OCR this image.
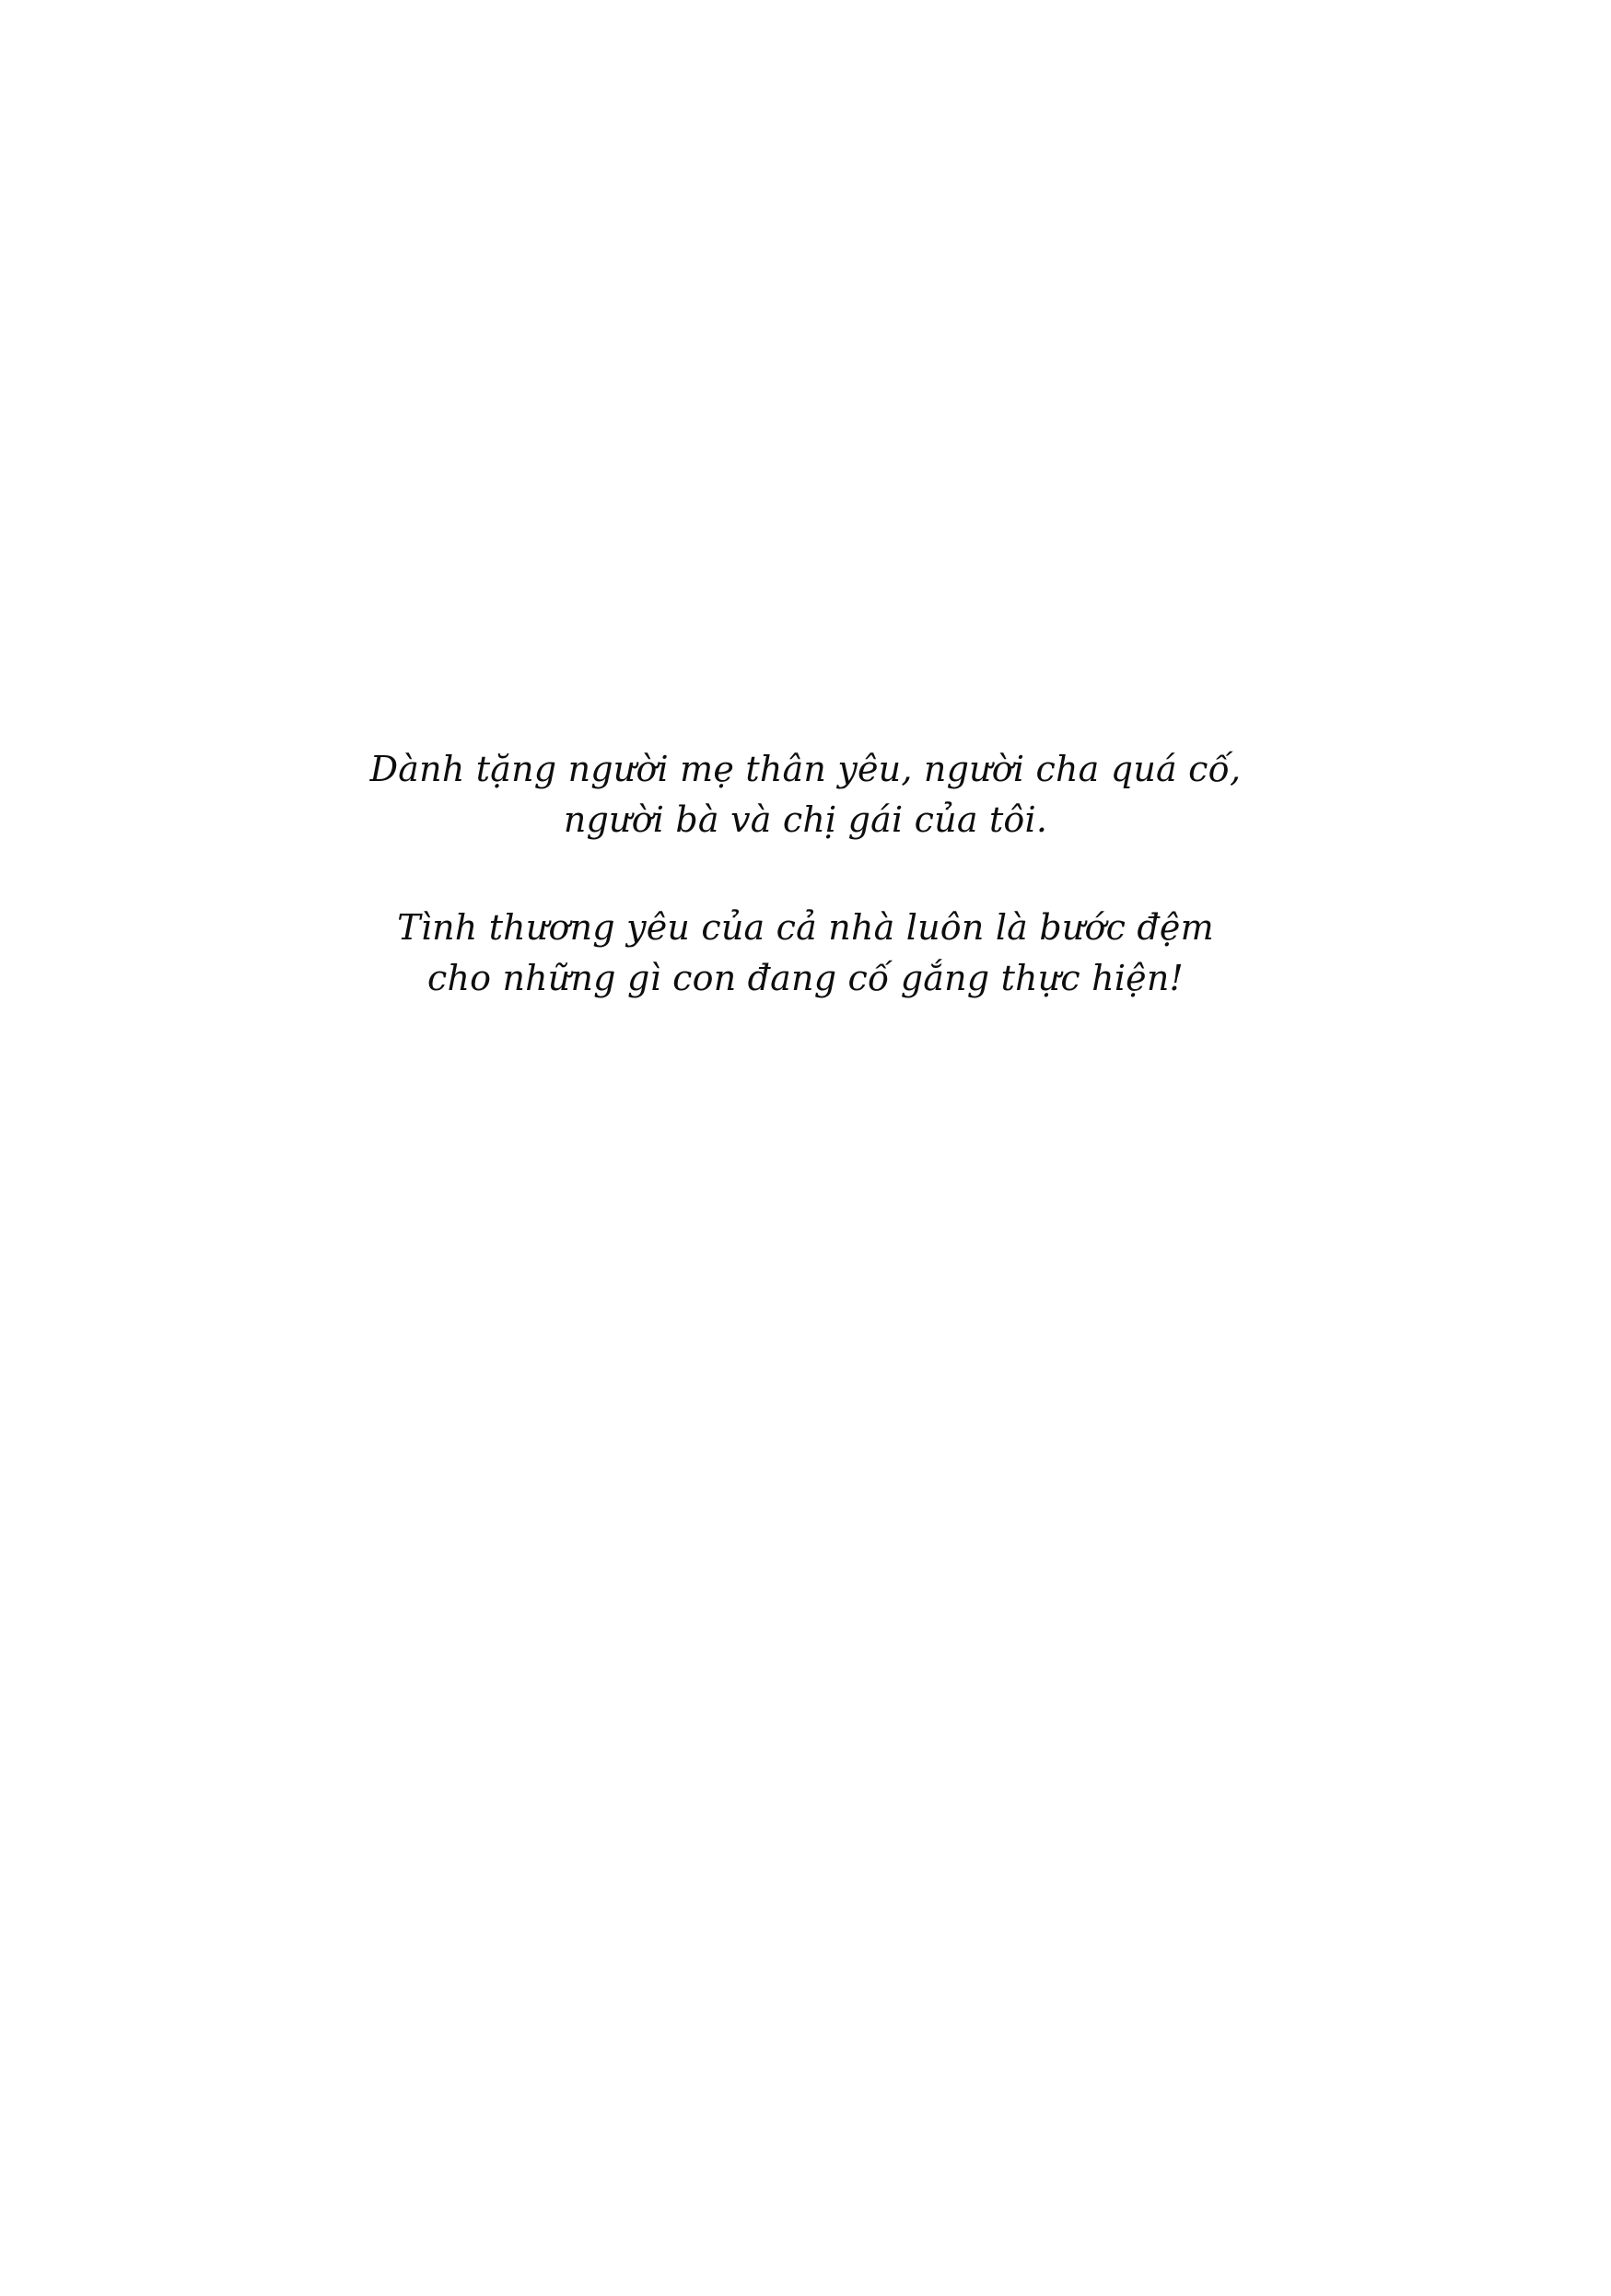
Dành tặng người mẹ thân yêu, người cha quá cố,
người bà và chị gái của tôi.

Tình thương yêu của cả nhà luôn là bước đệm
cho những gì con đang cố gắng thực hiện!
